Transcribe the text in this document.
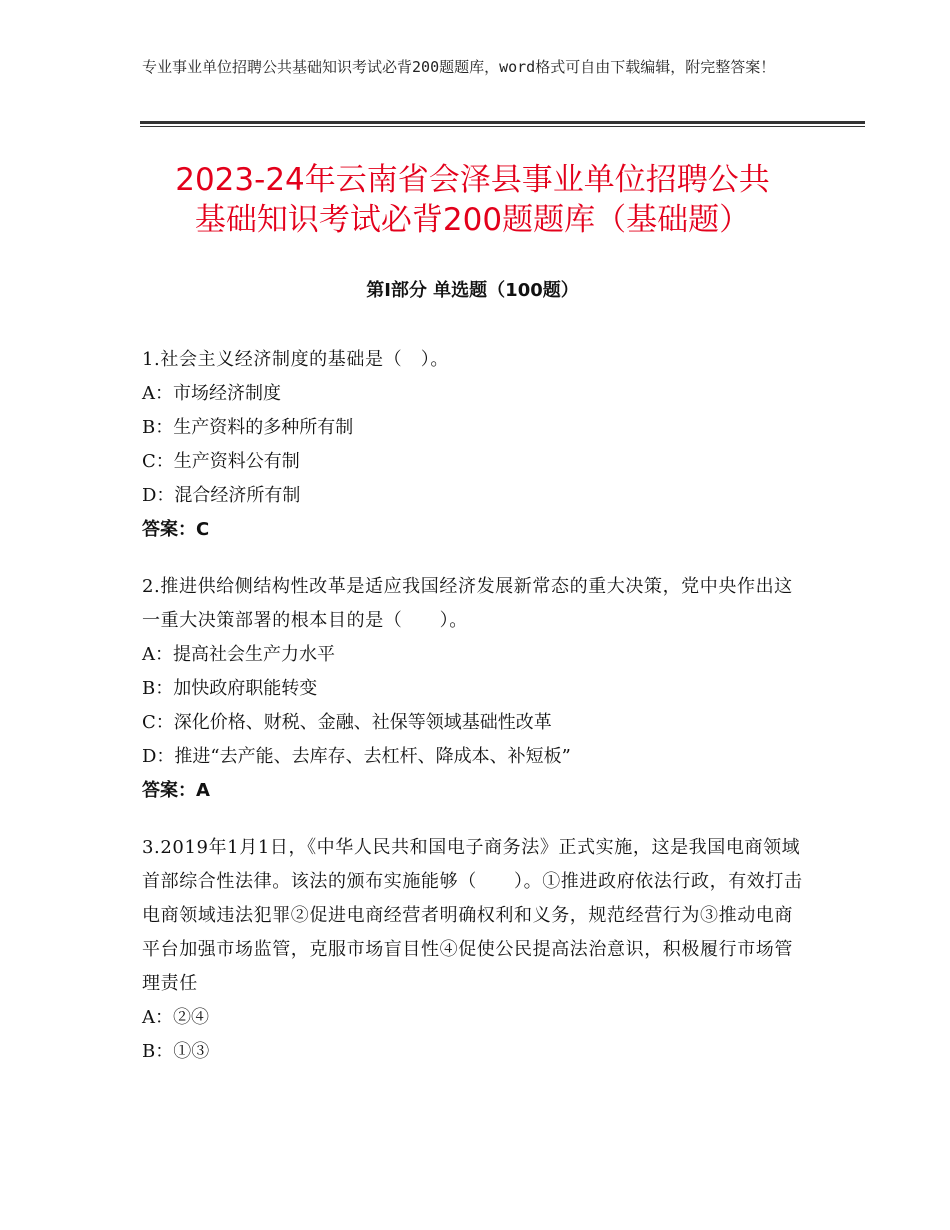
专业事业单位招聘公共基础知识考试必背200题题库，word格式可自由下载编辑，附完整答案！
2023-24年云南省会泽县事业单位招聘公共
基础知识考试必背200题题库（基础题）
第Ⅰ部分 单选题（100题）

1.社会主义经济制度的基础是（　）。

A：市场经济制度

B：生产资料的多种所有制

C：生产资料公有制

D：混合经济所有制

答案：C

2.推进供给侧结构性改革是适应我国经济发展新常态的重大决策，党中央作出这一重大决策部署的根本目的是（　　）。

A：提高社会生产力水平

B：加快政府职能转变

C：深化价格、财税、金融、社保等领域基础性改革

D：推进“去产能、去库存、去杠杆、降成本、补短板”

答案：A

3.2019年1月1日，《中华人民共和国电子商务法》正式实施，这是我国电商领域首部综合性法律。该法的颁布实施能够（　　）。①推进政府依法行政，有效打击电商领域违法犯罪②促进电商经营者明确权利和义务，规范经营行为③推动电商平台加强市场监管，克服市场盲目性④促使公民提高法治意识，积极履行市场管理责任

A：②④

B：①③
